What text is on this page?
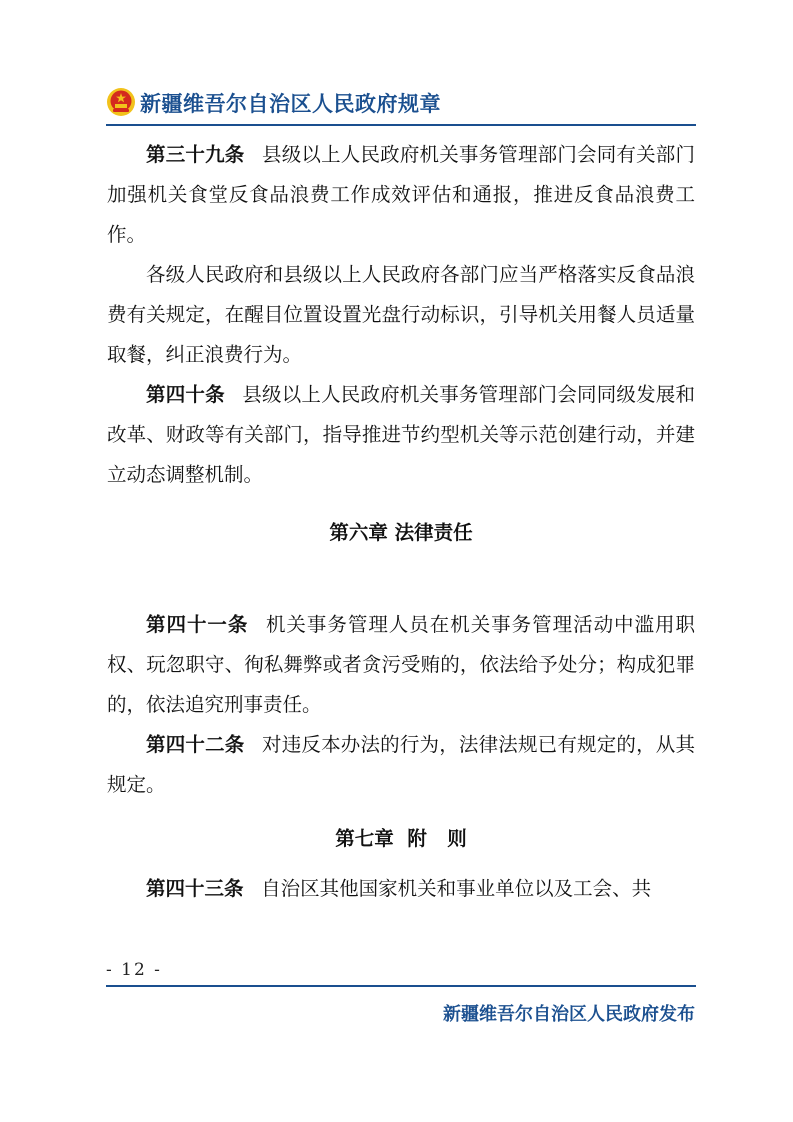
新疆维吾尔自治区人民政府规章

第三十九条 县级以上人民政府机关事务管理部门会同有关部门加强机关食堂反食品浪费工作成效评估和通报，推进反食品浪费工作。

各级人民政府和县级以上人民政府各部门应当严格落实反食品浪费有关规定，在醒目位置设置光盘行动标识，引导机关用餐人员适量取餐，纠正浪费行为。

第四十条 县级以上人民政府机关事务管理部门会同同级发展和改革、财政等有关部门，指导推进节约型机关等示范创建行动，并建立动态调整机制。

第六章 法律责任

第四十一条 机关事务管理人员在机关事务管理活动中滥用职权、玩忽职守、徇私舞弊或者贪污受贿的，依法给予处分；构成犯罪的，依法追究刑事责任。

第四十二条 对违反本办法的行为，法律法规已有规定的，从其规定。

第七章  附   则

第四十三条 自治区其他国家机关和事业单位以及工会、共

- 12 -
新疆维吾尔自治区人民政府发布
